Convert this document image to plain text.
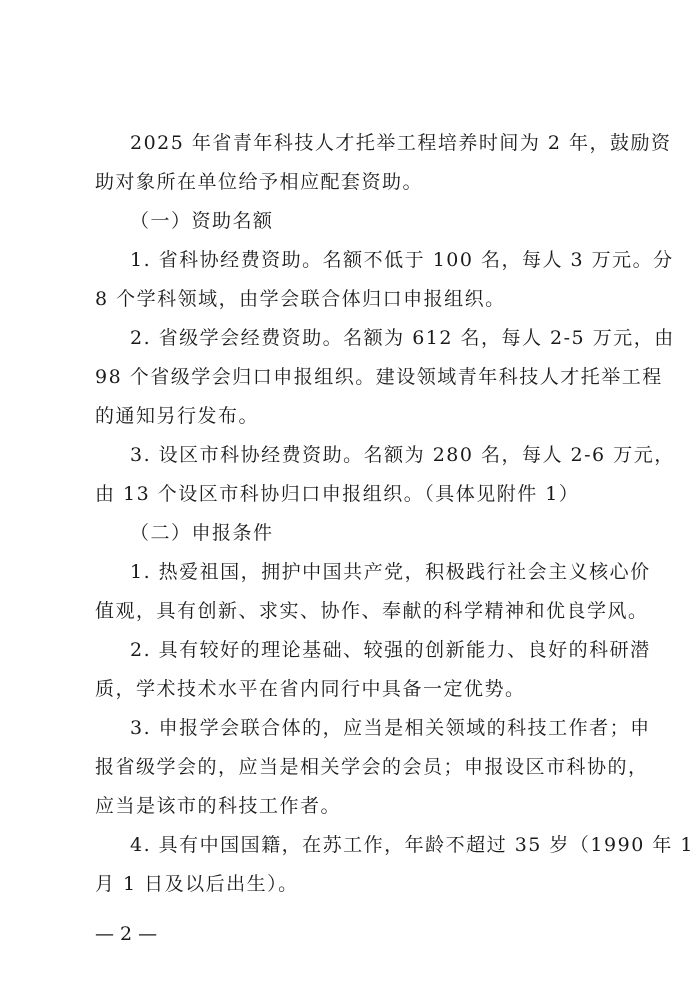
2025 年省青年科技人才托举工程培养时间为 2 年，鼓励资
助对象所在单位给予相应配套资助。
（一）资助名额
1. 省科协经费资助。名额不低于 100 名，每人 3 万元。分
8 个学科领域，由学会联合体归口申报组织。
2. 省级学会经费资助。名额为 612 名，每人 2-5 万元，由
98 个省级学会归口申报组织。建设领域青年科技人才托举工程
的通知另行发布。
3. 设区市科协经费资助。名额为 280 名，每人 2-6 万元，
由 13 个设区市科协归口申报组织。（具体见附件 1）
（二）申报条件
1. 热爱祖国，拥护中国共产党，积极践行社会主义核心价
值观，具有创新、求实、协作、奉献的科学精神和优良学风。
2. 具有较好的理论基础、较强的创新能力、良好的科研潜
质，学术技术水平在省内同行中具备一定优势。
3. 申报学会联合体的，应当是相关领域的科技工作者；申
报省级学会的，应当是相关学会的会员；申报设区市科协的，
应当是该市的科技工作者。
4. 具有中国国籍，在苏工作，年龄不超过 35 岁（1990 年 1
月 1 日及以后出生）。
— 2 —
